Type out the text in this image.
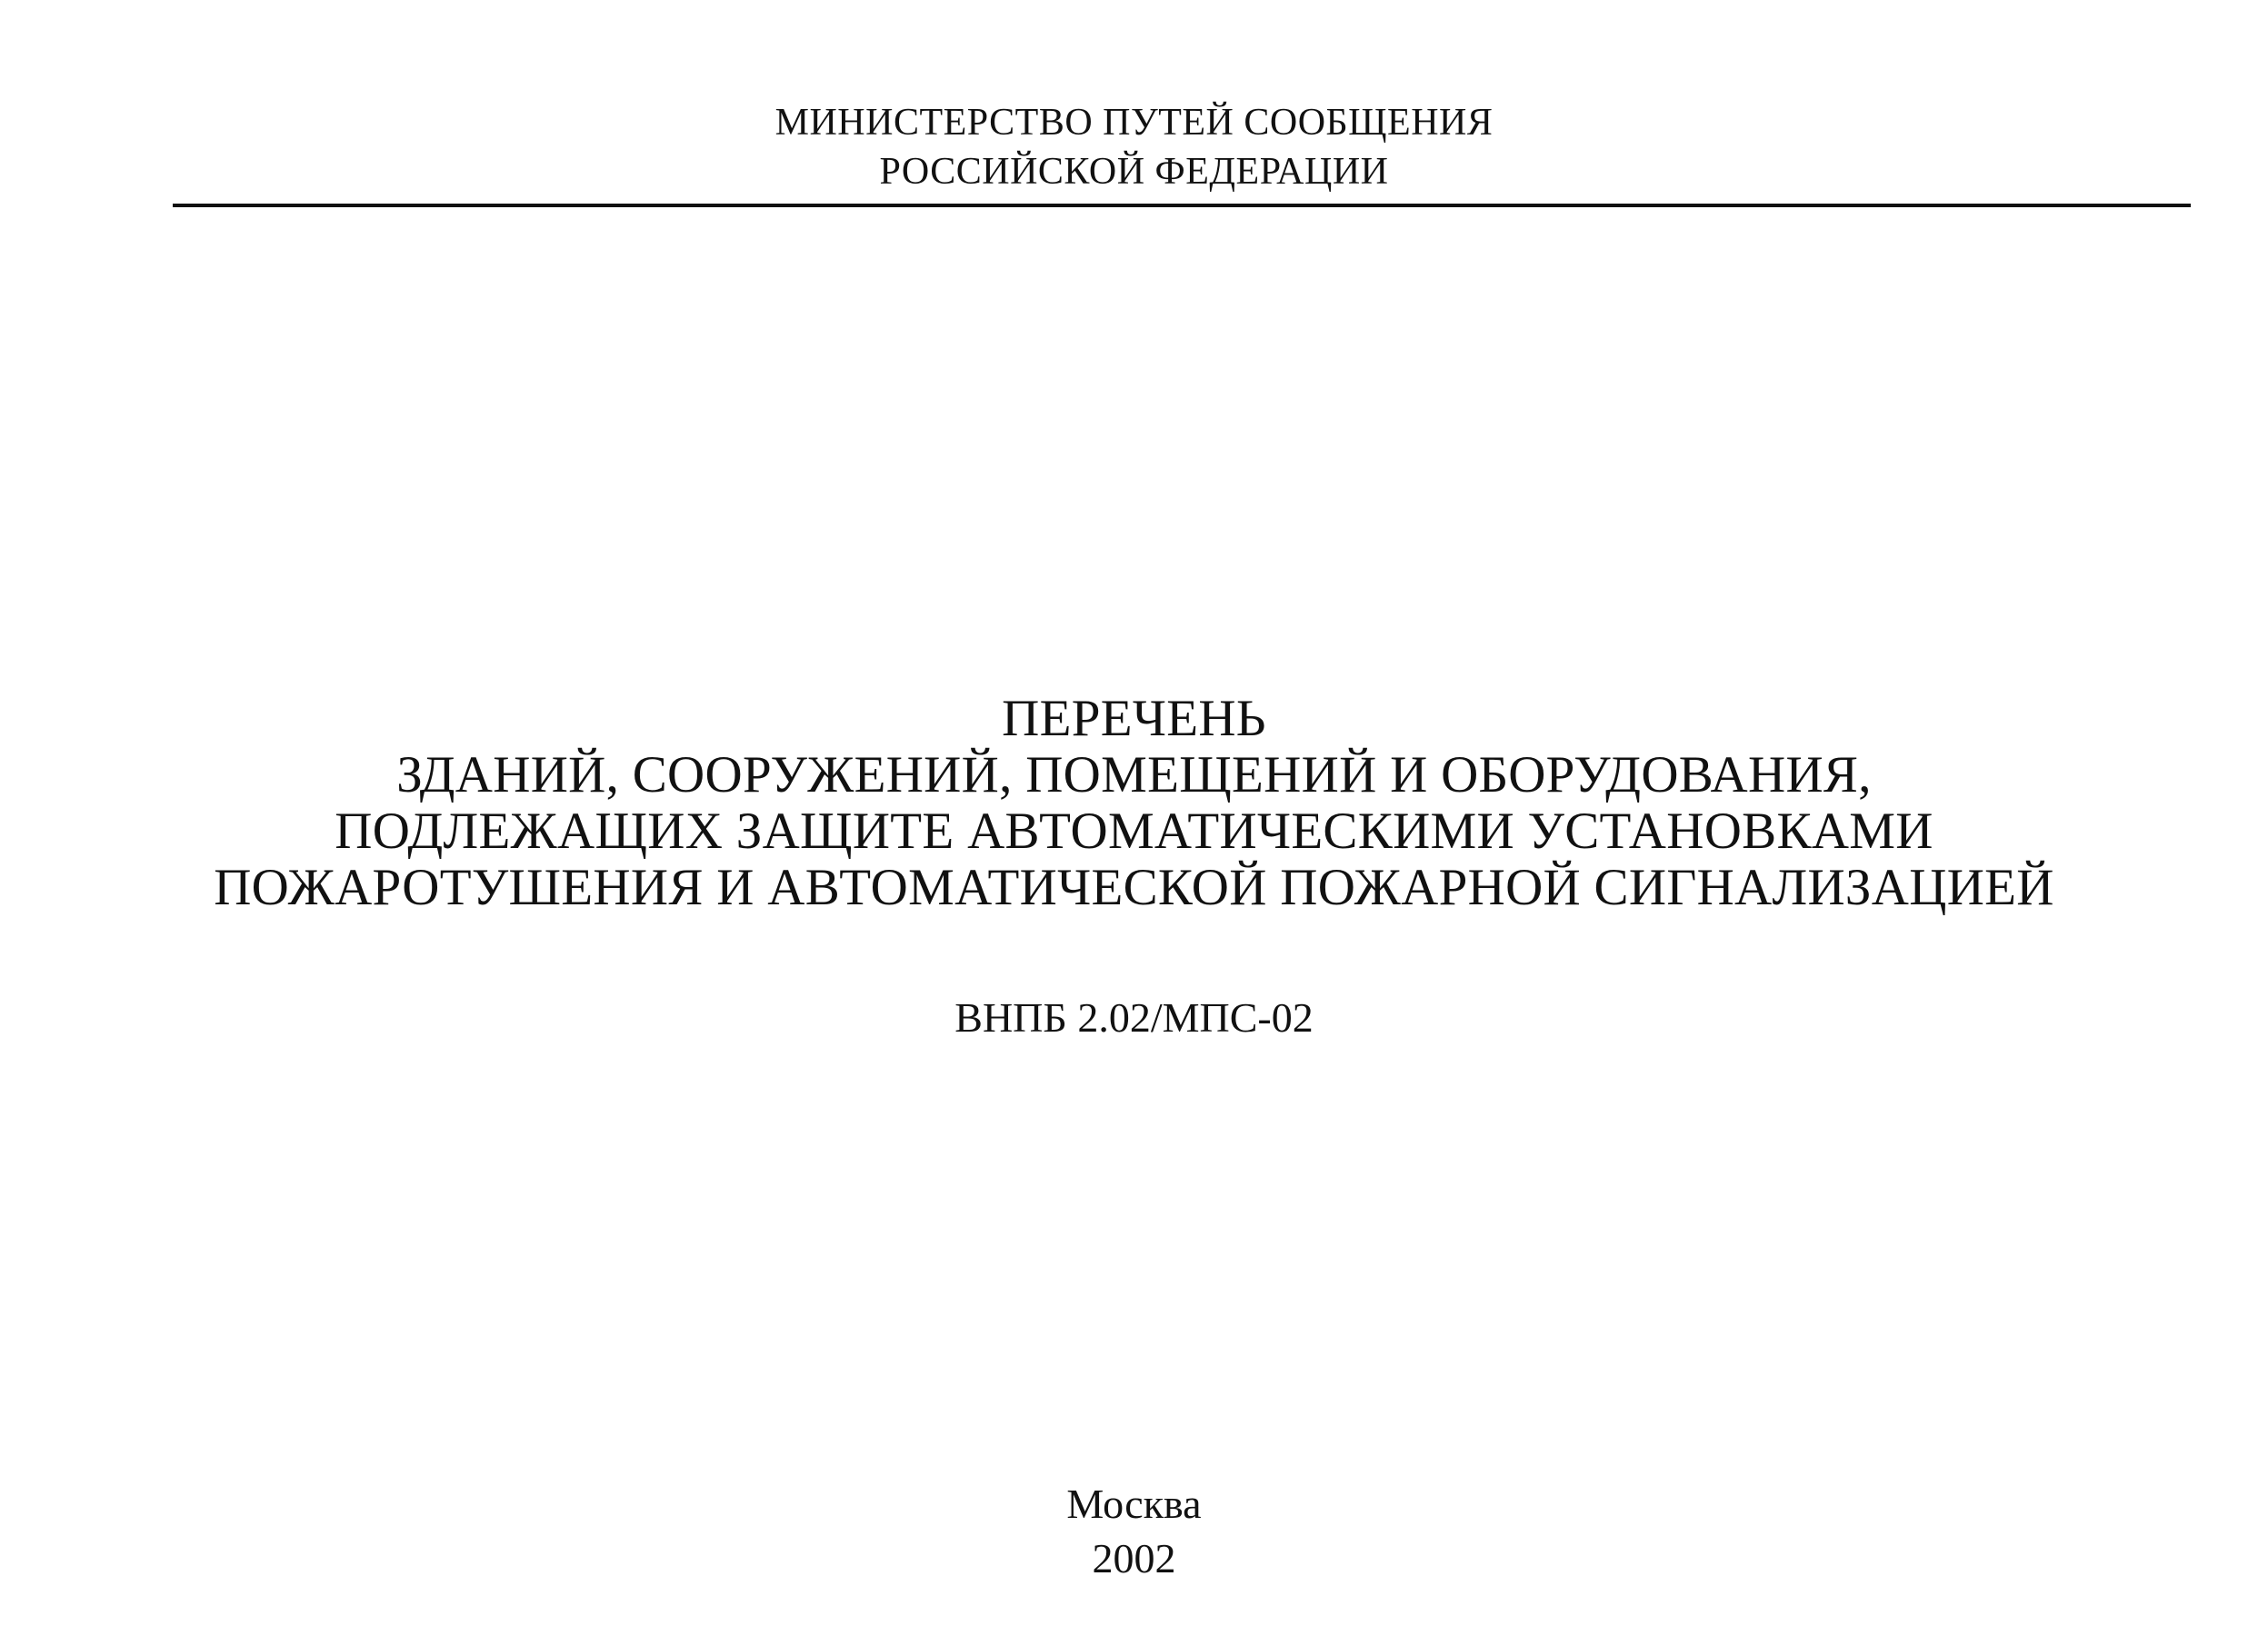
МИНИСТЕРСТВО ПУТЕЙ СООБЩЕНИЯ
РОССИЙСКОЙ ФЕДЕРАЦИИ
ПЕРЕЧЕНЬ
ЗДАНИЙ, СООРУЖЕНИЙ, ПОМЕЩЕНИЙ И ОБОРУДОВАНИЯ,
ПОДЛЕЖАЩИХ ЗАЩИТЕ АВТОМАТИЧЕСКИМИ УСТАНОВКАМИ
ПОЖАРОТУШЕНИЯ И АВТОМАТИЧЕСКОЙ ПОЖАРНОЙ СИГНАЛИЗАЦИЕЙ
ВНПБ 2.02/МПС-02
Москва
2002
